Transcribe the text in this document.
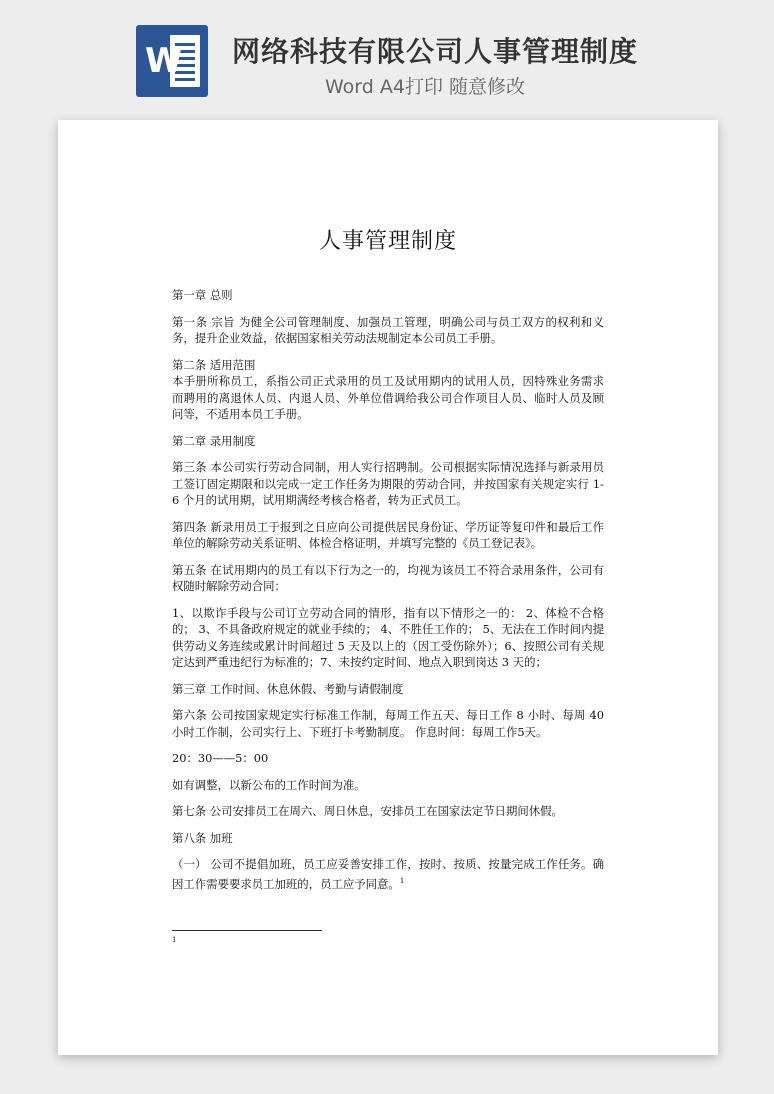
W 网络科技有限公司人事管理制度
Word A4打印 随意修改
人事管理制度

第一章 总则

第一条 宗旨 为健全公司管理制度、加强员工管理，明确公司与员工双方的权利和义务，提升企业效益，依据国家相关劳动法规制定本公司员工手册。

第二条 适用范围
本手册所称员工，系指公司正式录用的员工及试用期内的试用人员，因特殊业务需求而聘用的离退休人员、内退人员、外单位借调给我公司合作项目人员、临时人员及顾问等，不适用本员工手册。

第二章 录用制度

第三条 本公司实行劳动合同制，用人实行招聘制。公司根据实际情况选择与新录用员工签订固定期限和以完成一定工作任务为期限的劳动合同，并按国家有关规定实行 1-6 个月的试用期，试用期满经考核合格者，转为正式员工。

第四条 新录用员工于报到之日应向公司提供居民身份证、学历证等复印件和最后工作单位的解除劳动关系证明、体检合格证明，并填写完整的《员工登记表》。

第五条 在试用期内的员工有以下行为之一的，均视为该员工不符合录用条件，公司有权随时解除劳动合同：

1、以欺诈手段与公司订立劳动合同的情形，指有以下情形之一的： 2、体检不合格的； 3、不具备政府规定的就业手续的； 4、不胜任工作的； 5、无法在工作时间内提供劳动义务连续或累计时间超过 5 天及以上的（因工受伤除外）；6、按照公司有关规定达到严重违纪行为标准的；7、未按约定时间、地点入职到岗达 3 天的；

第三章 工作时间、休息休假、考勤与请假制度

第六条 公司按国家规定实行标准工作制，每周工作五天、每日工作 8 小时、每周 40 小时工作制，公司实行上、下班打卡考勤制度。 作息时间：每周工作5天。

20：30——5：00

如有调整，以新公布的工作时间为准。

第七条 公司安排员工在周六、周日休息，安排员工在国家法定节日期间休假。

第八条 加班

（一） 公司不提倡加班，员工应妥善安排工作，按时、按质、按量完成工作任务。确因工作需要要求员工加班的，员工应予同意。$^1$

1
